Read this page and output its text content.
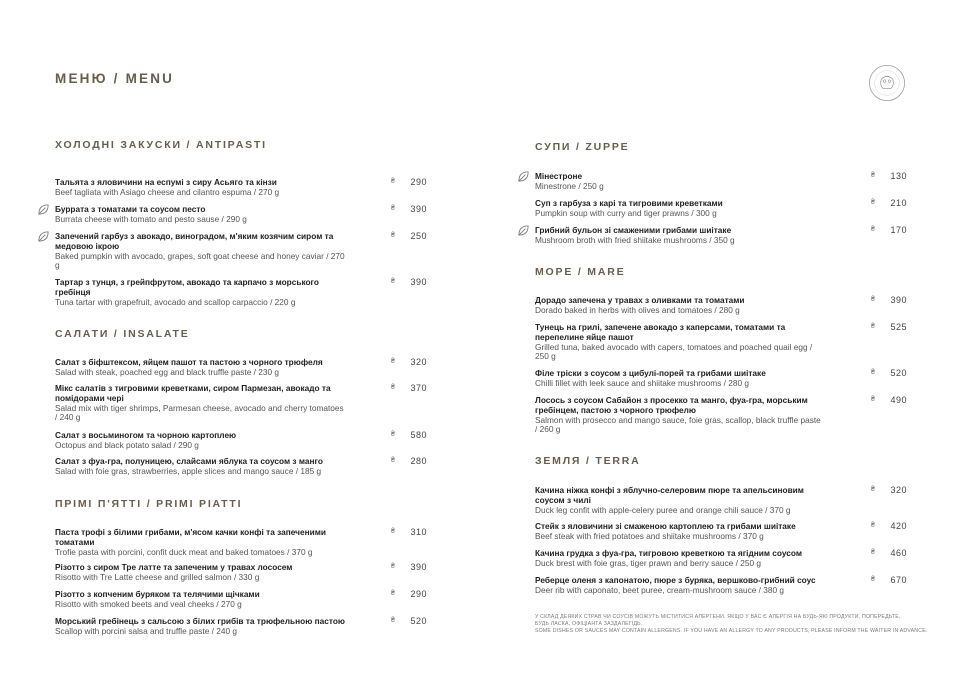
МЕНЮ / MENU
ХОЛОДНІ ЗАКУСКИ / ANTIPASTI
Тальята з яловичини на еспумі з сиру Асьяго та кінзи
Beef tagliata with Asiago cheese and cilantro espuma / 270 g
₴	290
Буррата з томатами та соусом песто
Burrata cheese with tomato and pesto sause / 290 g
₴	390
Запечений гарбуз з авокадо, виноградом, м'яким козячим сиром та медовою ікрою
Baked pumpkin with avocado, grapes, soft goat cheese and honey caviar / 270 g
₴	250
Тартар з тунця, з грейпфрутом, авокадо та карпачо з морського гребінця
Tuna tartar with grapefruit, avocado and scallop carpaccio / 220 g
₴	390
САЛАТИ / INSALATE
Салат з біфштексом, яйцем пашот та пастою з чорного трюфеля
Salad with steak, poached egg and black truffle paste / 230 g
₴	320
Мікс салатів з тигровими креветками, сиром Пармезан, авокадо та помідорами чері
Salad mix with tiger shrimps, Parmesan cheese, avocado and cherry tomatoes / 240 g
₴	370
Салат з восьминогом та чорною картоплею
Octopus and black potato salad / 290 g
₴	580
Салат з фуа-гра, полуницею, слайсами яблука та соусом з манго
Salad with foie gras, strawberries, apple slices and mango sauce / 185 g
₴	280
ПРІМІ П'ЯТТІ / PRIMI PIATTI
Паста трофі з білими грибами, м'ясом качки конфі та запеченими томатами
Trofie pasta with porcini, confit duck meat and baked tomatoes / 370 g
₴	310
Різотто з сиром Тре латте та запеченим у травах лососем
Risotto with Tre Latte cheese and grilled salmon / 330 g
₴	390
Різотто з копченим буряком та телячими щічками
Risotto with smoked beets and veal cheeks / 270 g
₴	290
Морський гребінець з сальсою з білих грибів та трюфельною пастою
Scallop with porcini salsa and truffle paste / 240 g
₴	520
СУПИ / ZUPPE
Мінестроне
Minestrone / 250 g
₴	130
Суп з гарбуза з карі та тигровими креветками
Pumpkin soup with curry and tiger prawns / 300 g
₴	210
Грибний бульон зі смаженими грибами шиітаке
Mushroom broth with fried shiitake mushrooms / 350 g
₴	170
МОРЕ / MARE
Дорадо запечена у травах з оливками та томатами
Dorado baked in herbs with olives and tomatoes / 280 g
₴	390
Тунець на грилі, запечене авокадо з каперсами, томатами та перепелине яйце пашот
Grilled tuna, baked avocado with capers, tomatoes and poached quail egg / 250 g
₴	525
Філе тріски з соусом з цибулі-порей та грибами шиітаке
Chilli fillet with leek sauce and shiitake mushrooms / 280 g
₴	520
Лосось з соусом Сабайон з просекко та манго, фуа-гра, морським гребінцем, пастою з чорного трюфелю
Salmon with prosecco and mango sauce, foie gras, scallop, black truffle paste / 260 g
₴	490
ЗЕМЛЯ / TERRA
Качина ніжка конфі з яблучно-селеровим пюре та апельсиновим соусом з чилі
Duck leg confit with apple-celery puree and orange chili sauce / 370 g
₴	320
Стейк з яловичини зі смаженою картоплею та грибами шиітаке
Beef steak with fried potatoes and shiitake mushrooms / 370 g
₴	420
Качина грудка з фуа-гра, тигровою креветкою та ягідним соусом
Duck brest with foie gras, tiger prawn and berry sauce / 250 g
₴	460
Реберце оленя з капонатою, пюре з буряка, вершково-грибний соус
Deer rib with caponato, beet puree, cream-mushroom sauce / 380 g
₴	670
У СКЛАД ДЕЯКИХ СТРАВ ЧИ СОУСІВ МОЖУТЬ МІСТИТИСЯ АЛЕРГЕНИ. ЯКЩО У ВАС Є АЛЕРГІЯ НА БУДЬ-ЯКІ ПРОДУКТИ, ПОПЕРЕДЬТЕ,
БУДЬ ЛАСКА, ОФІЦІАНТА ЗАЗДАЛЕГІДЬ.
SOME DISHES OR SAUCES MAY CONTAIN ALLERGENS. IF YOU HAVE AN ALLERGY TO ANY PRODUCTS, PLEASE INFORM THE WAITER IN ADVANCE.
